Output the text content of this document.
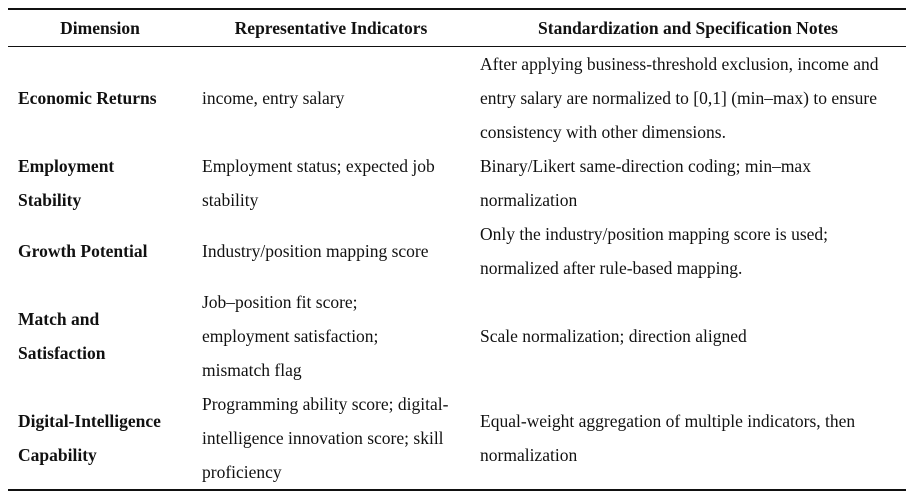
Dimension	Representative Indicators	Standardization and Specification Notes
Economic Returns	income, entry salary	After applying business-threshold exclusion, income and entry salary are normalized to [0,1] (min–max) to ensure consistency with other dimensions.
Employment Stability	Employment status; expected job stability	Binary/Likert same-direction coding; min–max normalization
Growth Potential	Industry/position mapping score	Only the industry/position mapping score is used; normalized after rule-based mapping.
Match and Satisfaction	Job–position fit score; employment satisfaction; mismatch flag	Scale normalization; direction aligned
Digital-Intelligence Capability	Programming ability score; digital-intelligence innovation score; skill proficiency	Equal-weight aggregation of multiple indicators, then normalization
